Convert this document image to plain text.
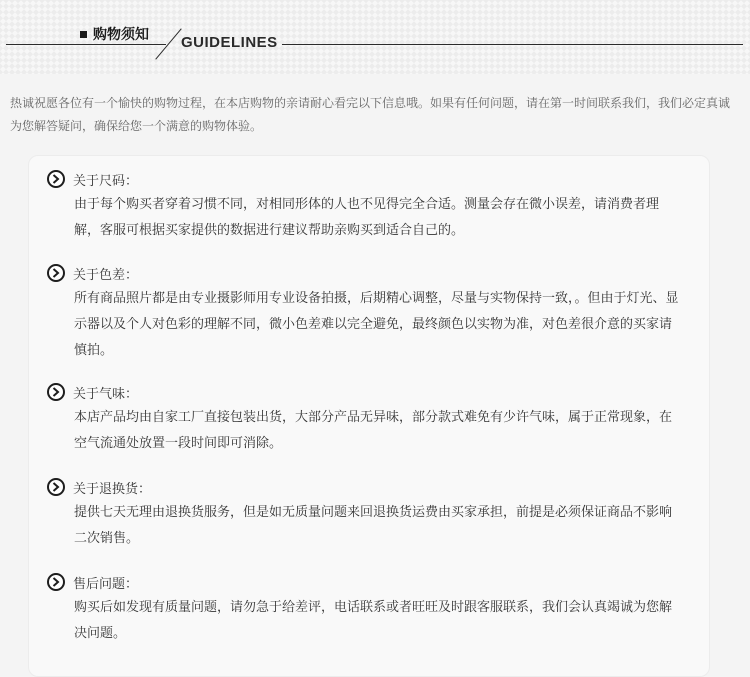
购物须知 GUIDELINES
热诚祝愿各位有一个愉快的购物过程，在本店购物的亲请耐心看完以下信息哦。如果有任何问题，请在第一时间联系我们，我们必定真诚为您解答疑问，确保给您一个满意的购物体验。
关于尺码：
由于每个购买者穿着习惯不同，对相同形体的人也不见得完全合适。测量会存在微小误差，请消费者理解，客服可根据买家提供的数据进行建议帮助亲购买到适合自己的。
关于色差：
所有商品照片都是由专业摄影师用专业设备拍摄，后期精心调整，尽量与实物保持一致，。但由于灯光、显示器以及个人对色彩的理解不同，微小色差难以完全避免，最终颜色以实物为准，对色差很介意的买家请慎拍。
关于气味：
本店产品均由自家工厂直接包装出货，大部分产品无异味，部分款式难免有少许气味，属于正常现象，在空气流通处放置一段时间即可消除。
关于退换货：
提供七天无理由退换货服务，但是如无质量问题来回退换货运费由买家承担，前提是必须保证商品不影响二次销售。
售后问题：
购买后如发现有质量问题，请勿急于给差评，电话联系或者旺旺及时跟客服联系，我们会认真竭诚为您解决问题。
